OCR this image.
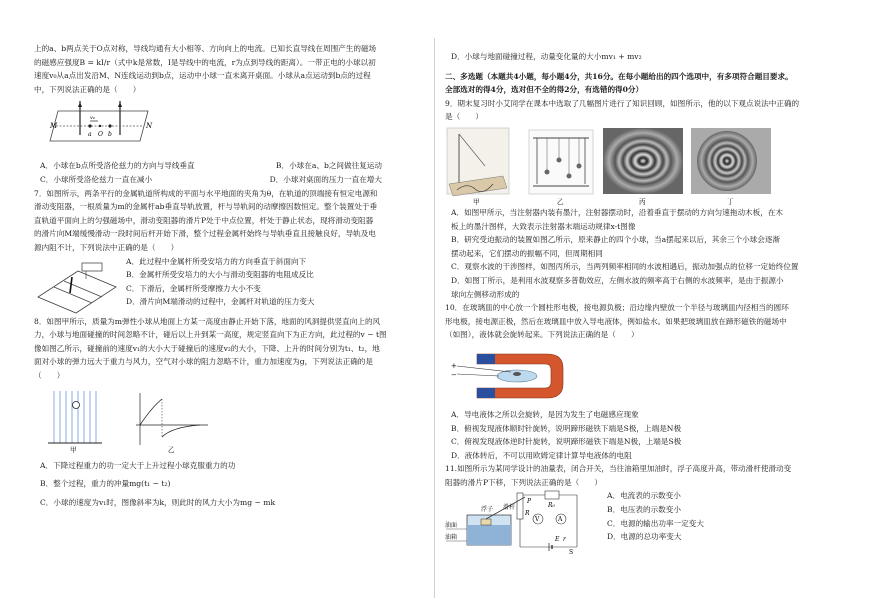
上的a、b两点关于O点对称，导线均通有大小相等、方向向上的电流。已知长直导线在周围产生的磁场

的磁感应强度B = kI/r（式中k是常数，I是导线中的电流，r为点到导线的距离）。一带正电的小球以初

速度v₀从a点出发沿M、N连线运动到b点，运动中小球一直未离开桌面。小球从a点运动到b点的过程

中，下列说法正确的是（　　）

M	N
a O b
v₀
A．小球在b点所受洛伦兹力的方向与导线垂直	B．小球在a、b之间做往复运动
C．小球所受洛伦兹力一直在减小	D．小球对桌面的压力一直在增大

7．如图所示，两条平行的金属轨道所构成的平面与水平地面的夹角为θ，在轨道的顶端接有恒定电源和

滑动变阻器，一根质量为m的金属杆ab垂直导轨放置，杆与导轨间的动摩擦因数恒定。整个装置处于垂

直轨道平面向上的匀强磁场中，滑动变阻器的滑片P处于中点位置，杆处于静止状态，现将滑动变阻器

的滑片向M端缓慢滑动一段时间后杆开始下滑，整个过程金属杆始终与导轨垂直且接触良好，导轨及电

源内阻不计，下列说法中正确的是（　　）

A．此过程中金属杆所受安培力的方向垂直于斜面向下

B．金属杆所受安培力的大小与滑动变阻器的电阻成反比

C．下滑后，金属杆所受摩擦力大小不变

D．滑片向M端滑动的过程中，金属杆对轨道的压力变大

8．如图甲所示，质量为m弹性小球从地面上方某一高度由静止开始下落，地面的风洞提供竖直向上的风

力，小球与地面碰撞的时间忽略不计，碰后以上升到某一高度，规定竖直向下为正方向，此过程的v − t图

像如图乙所示，碰撞前的速度v₁的大小大于碰撞后的速度v₂的大小，下降、上升的时间分别为t₁、t₂，地

面对小球的弹力远大于重力与风力，空气对小球的阻力忽略不计，重力加速度为g，下列说法正确的是

（　　）

甲	乙

A．下降过程重力的功一定大于上升过程小球克服重力的功

B．整个过程，重力的冲量mg(t₁ − t₂)

C．小球的速度为v₁时，图像斜率为k，则此时的风力大小为mg − mk

D．小球与地面碰撞过程，动量变化量的大小mv₁ + mv₂

二、多选题（本题共4小题，每小题4分，共16分。在每小题给出的四个选项中，有多项符合题目要求。

全部选对的得4分，选对但不全的得2分，有选错的得0分）

9．期末复习时小艾同学在课本中选取了几幅图片进行了知识回顾，如图所示，他的以下观点说法中正确的

是（　　）

甲	乙	丙	丁

A．如图甲所示，当注射器内装有墨汁，注射器摆动时，沿着垂直于摆动的方向匀速拖动木板，在木

板上的墨汁图样，大致表示注射器末端运动规律x-t图像

B．研究受迫振动的装置如图乙所示，原来静止的四个小球，当a摆起来以后，其余三个小球会逐渐

摆动起来，它们摆动的振幅不同，但周期相同

C．观察水波的干涉图样，如图丙所示，当两列频率相同的水波相遇后，振动加强点的位移一定始终位置

D．如图丁所示，是利用水波观察多普勒效应，左侧水波的频率高于右侧的水波频率，是由于振源小

球向左侧移动形成的

10．在玻璃皿的中心放一个圆柱形电极，接电源负极；沿边缘内壁放一个半径与玻璃皿内径相当的圆环

形电极，接电源正极，然后在玻璃皿中放入导电液体，例如盐水。如果把玻璃皿放在蹄形磁铁的磁场中

（如图），液体就会旋转起来。下列说法正确的是（　　）

+
−

A．导电液体之所以会旋转，是因为发生了电磁感应现象

B．俯视发现液体顺时针旋转，说明蹄形磁铁下端是S极，上端是N极

C．俯视发现液体逆时针旋转，说明蹄形磁铁下端是N极，上端是S极

D．液体转后，不可以用欧姆定律计算导电液体的电阻

11.如图所示为某同学设计的油量表，闭合开关，当往油箱里加油时，浮子高度升高，带动滑杆使滑动变

阻器的滑片P下移，下列说法正确的是（　　）

浮子 滑杆
油面
油箱
P
R
R₀
V	A
E r
S

A．电流表的示数变小

B．电压表的示数变小

C．电源的输出功率一定变大

D．电源的总功率变大
